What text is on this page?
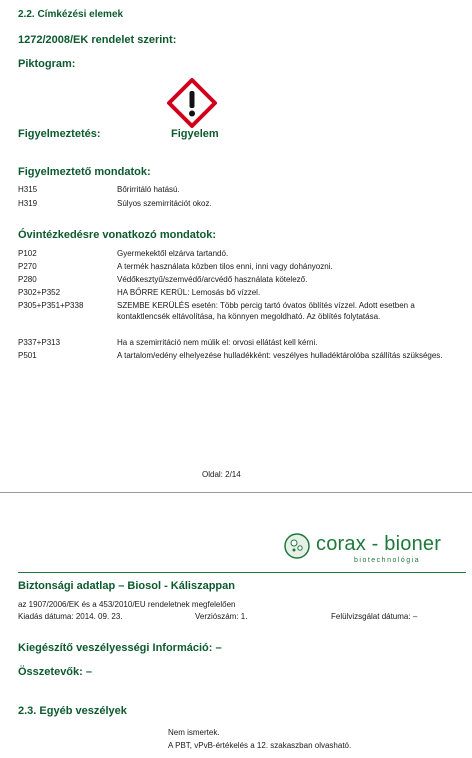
2.2. Címkézési elemek
1272/2008/EK rendelet szerint:
Piktogram:
Figyelmeztetés:	Figyelem
Figyelmeztető mondatok:
H315	Bőrirritáló hatású.
H319	Súlyos szemirritációt okoz.
Óvintézkedésre vonatkozó mondatok:
P102	Gyermekektől elzárva tartandó.
P270	A termék használata közben tilos enni, inni vagy dohányozni.
P280	Védőkesztyű/szemvédő/arcvédő használata kötelező.
P302+P352	HA BŐRRE KERÜL: Lemosás bő vízzel.
P305+P351+P338	SZEMBE KERÜLÉS esetén: Több percig tartó óvatos öblítés vízzel. Adott esetben a kontaktlencsék eltávolítása, ha könnyen megoldható. Az öblítés folytatása.
P337+P313	Ha a szemirritáció nem múlik el: orvosi ellátást kell kérni.
P501	A tartalom/edény elhelyezése hulladékként: veszélyes hulladéktárolóba szállítás szükséges.
Oldal: 2/14
corax - bioner
biotechnológia
Biztonsági adatlap – Biosol - Káliszappan
az 1907/2006/EK és a 453/2010/EU rendeletnek megfelelően
Kiadás dátuma: 2014. 09. 23.	Verziószám: 1.	Felülvizsgálat dátuma: –
Kiegészítő veszélyességi Információ: –
Összetevők: –
2.3. Egyéb veszélyek
Nem ismertek.
A PBT, vPvB-értékelés a 12. szakaszban olvasható.
